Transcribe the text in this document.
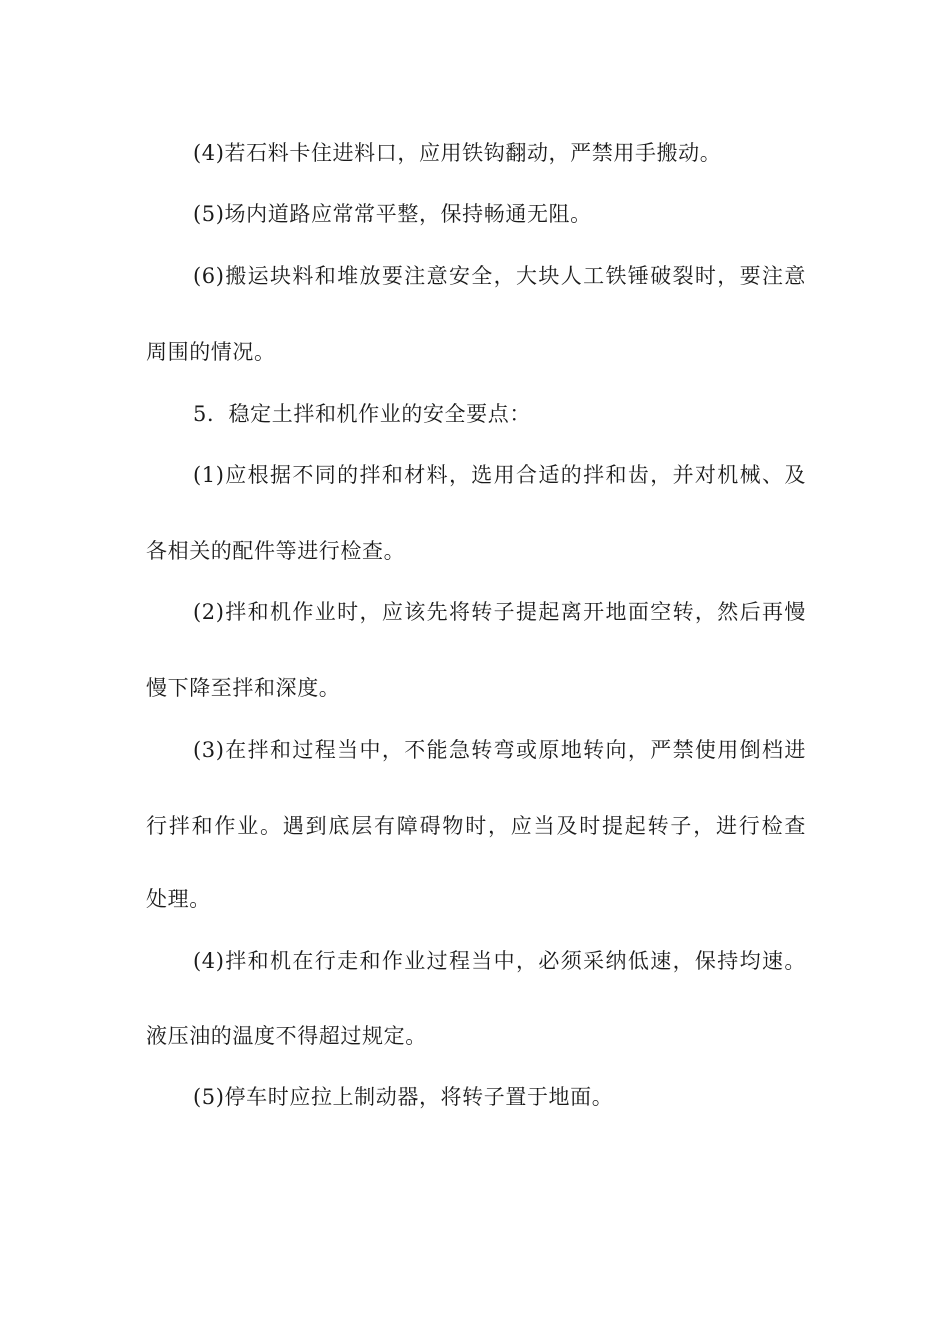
(4)若石料卡住进料口，应用铁钩翻动，严禁用手搬动。
(5)场内道路应常常平整，保持畅通无阻。
(6)搬运块料和堆放要注意安全，大块人工铁锤破裂时，要注意
周围的情况。
5．稳定土拌和机作业的安全要点：
(1)应根据不同的拌和材料，选用合适的拌和齿，并对机械、及
各相关的配件等进行检查。
(2)拌和机作业时，应该先将转子提起离开地面空转，然后再慢
慢下降至拌和深度。
(3)在拌和过程当中，不能急转弯或原地转向，严禁使用倒档进
行拌和作业。遇到底层有障碍物时，应当及时提起转子，进行检查
处理。
(4)拌和机在行走和作业过程当中，必须采纳低速，保持均速。
液压油的温度不得超过规定。
(5)停车时应拉上制动器，将转子置于地面。
